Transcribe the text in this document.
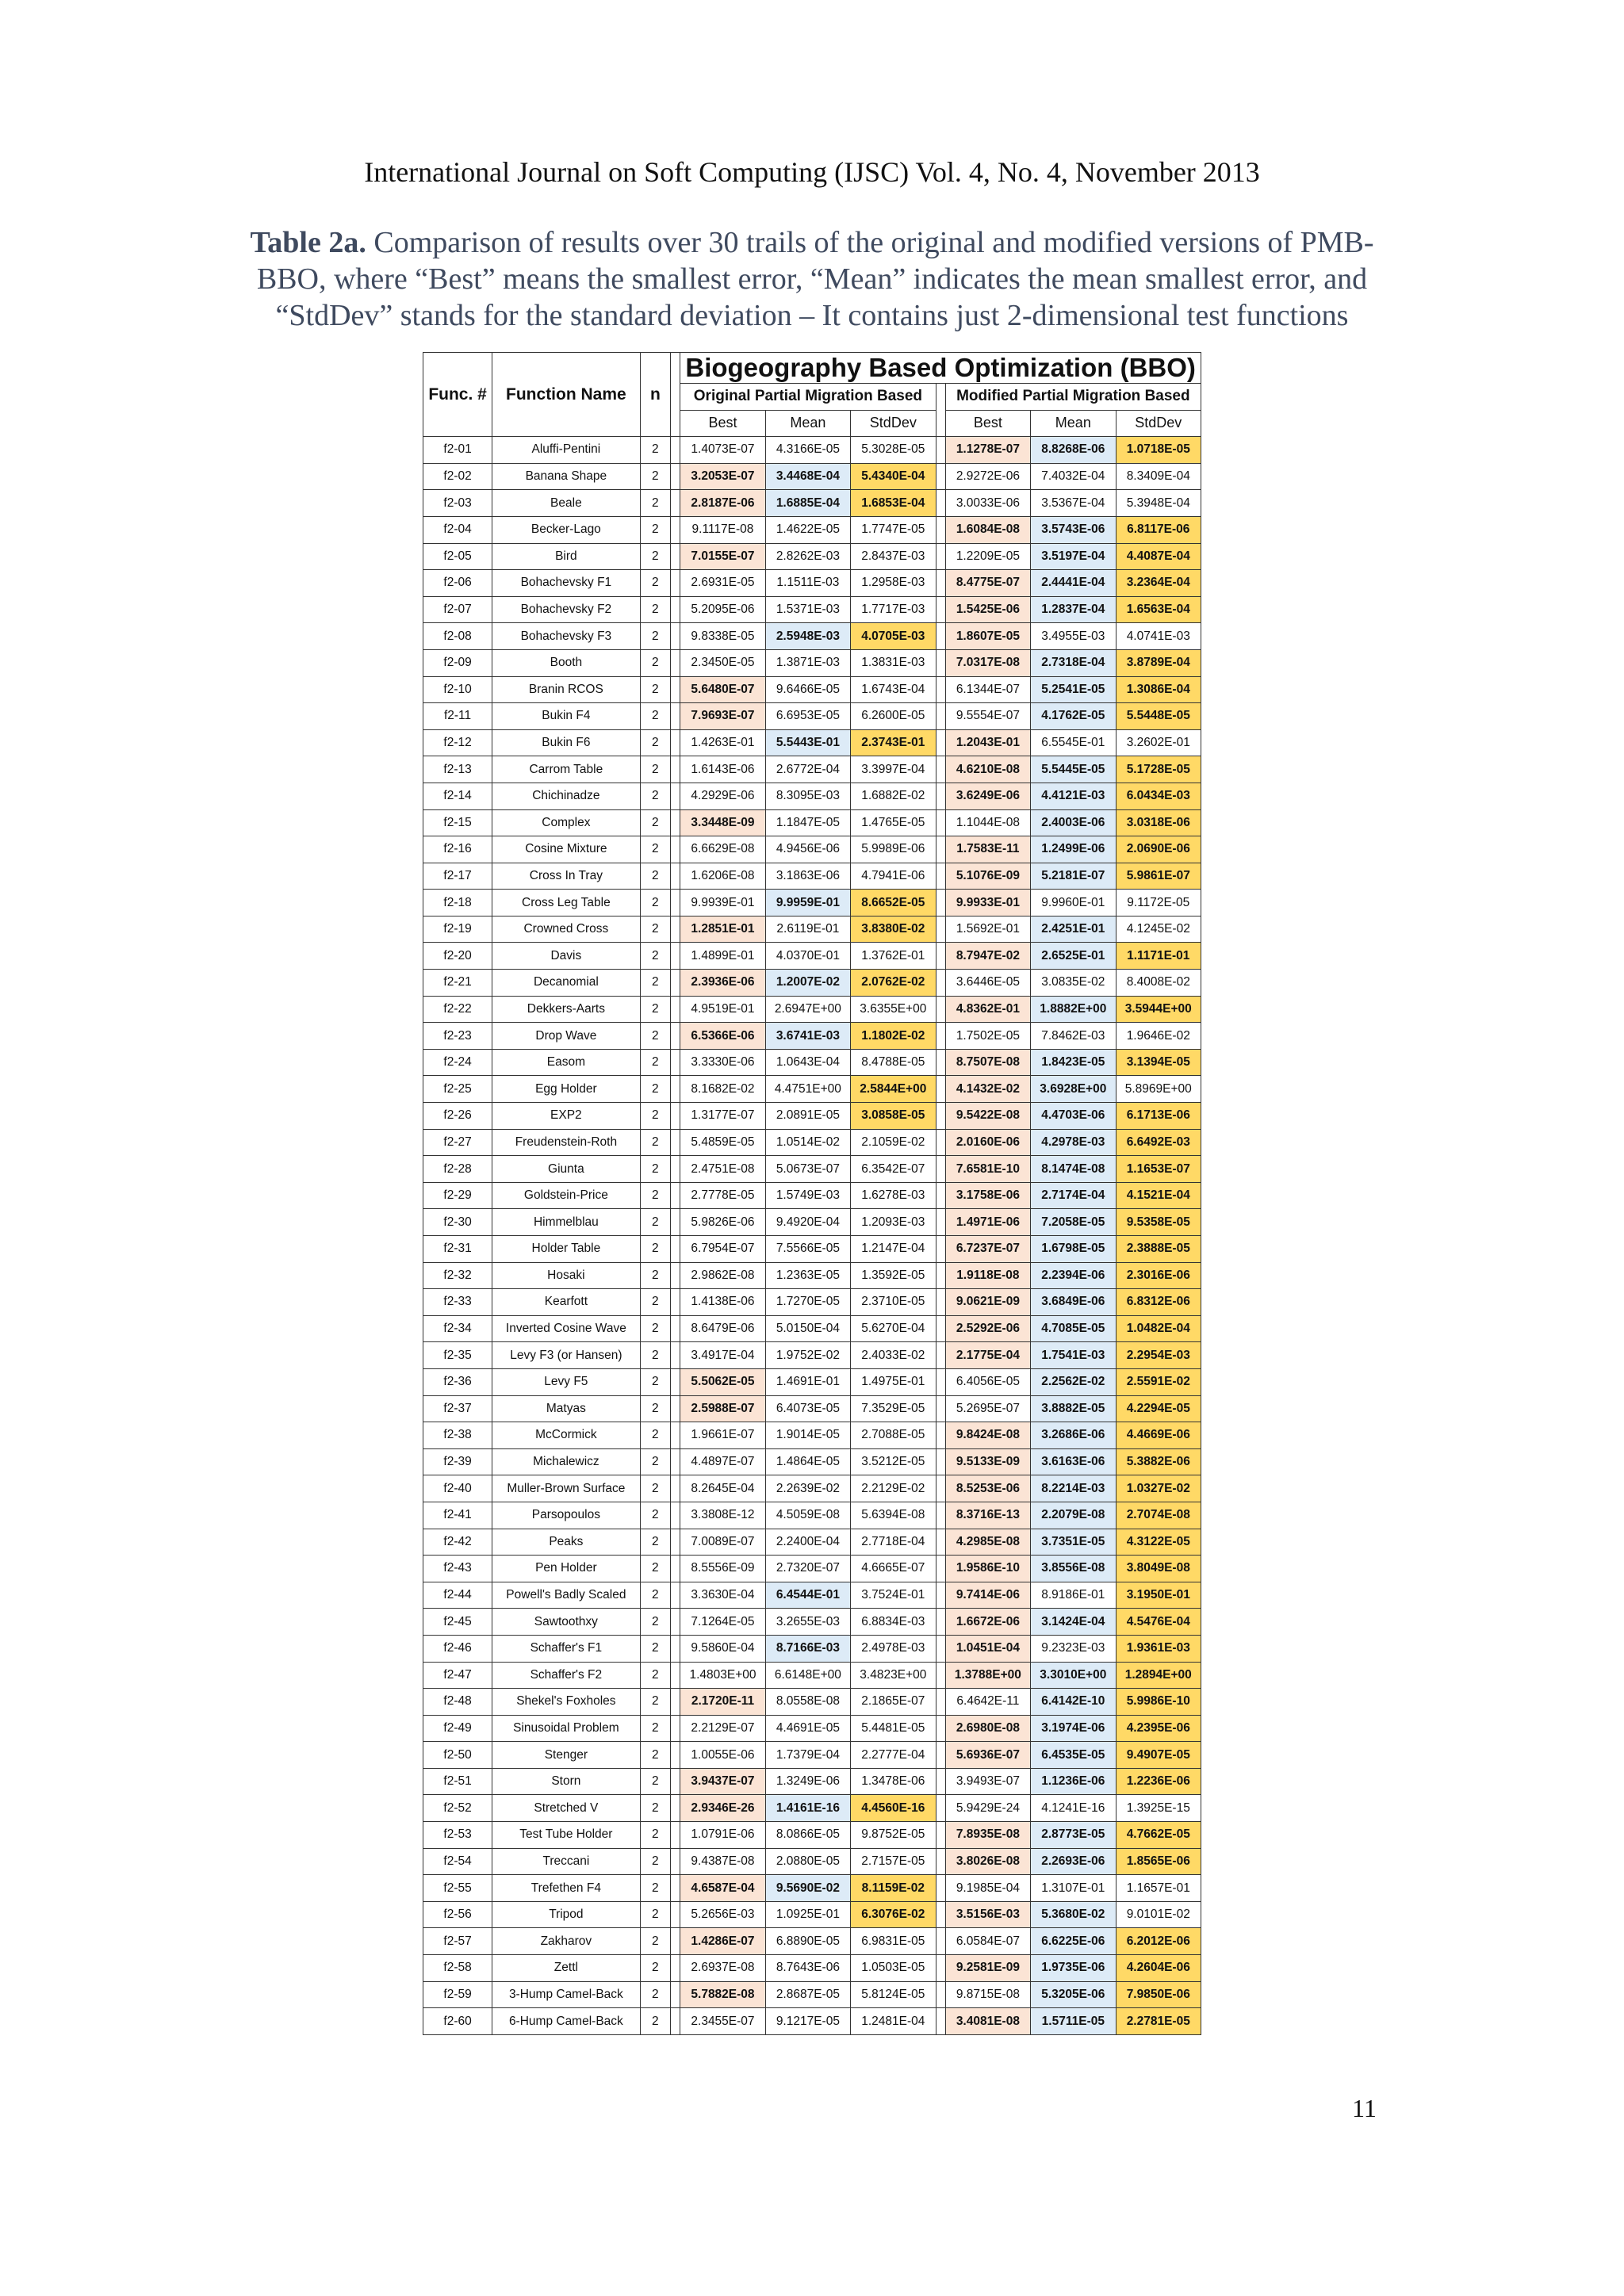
International Journal on Soft Computing (IJSC) Vol. 4, No. 4, November 2013
Table 2a. Comparison of results over 30 trails of the original and modified versions of PMB-BBO, where “Best” means the smallest error, “Mean” indicates the mean smallest error, and “StdDev” stands for the standard deviation – It contains just 2-dimensional test functions
Func. #	Function Name	n		Biogeography Based Optimization (BBO)						
				Original Partial Migration Based				Modified Partial Migration Based		
				Best	Mean	StdDev		Best	Mean	StdDev
f2-01	Aluffi-Pentini	2		1.4073E-07	4.3166E-05	5.3028E-05		1.1278E-07	8.8268E-06	1.0718E-05
f2-02	Banana Shape	2		3.2053E-07	3.4468E-04	5.4340E-04		2.9272E-06	7.4032E-04	8.3409E-04
f2-03	Beale	2		2.8187E-06	1.6885E-04	1.6853E-04		3.0033E-06	3.5367E-04	5.3948E-04
f2-04	Becker-Lago	2		9.1117E-08	1.4622E-05	1.7747E-05		1.6084E-08	3.5743E-06	6.8117E-06
f2-05	Bird	2		7.0155E-07	2.8262E-03	2.8437E-03		1.2209E-05	3.5197E-04	4.4087E-04
f2-06	Bohachevsky F1	2		2.6931E-05	1.1511E-03	1.2958E-03		8.4775E-07	2.4441E-04	3.2364E-04
f2-07	Bohachevsky F2	2		5.2095E-06	1.5371E-03	1.7717E-03		1.5425E-06	1.2837E-04	1.6563E-04
f2-08	Bohachevsky F3	2		9.8338E-05	2.5948E-03	4.0705E-03		1.8607E-05	3.4955E-03	4.0741E-03
f2-09	Booth	2		2.3450E-05	1.3871E-03	1.3831E-03		7.0317E-08	2.7318E-04	3.8789E-04
f2-10	Branin RCOS	2		5.6480E-07	9.6466E-05	1.6743E-04		6.1344E-07	5.2541E-05	1.3086E-04
f2-11	Bukin F4	2		7.9693E-07	6.6953E-05	6.2600E-05		9.5554E-07	4.1762E-05	5.5448E-05
f2-12	Bukin F6	2		1.4263E-01	5.5443E-01	2.3743E-01		1.2043E-01	6.5545E-01	3.2602E-01
f2-13	Carrom Table	2		1.6143E-06	2.6772E-04	3.3997E-04		4.6210E-08	5.5445E-05	5.1728E-05
f2-14	Chichinadze	2		4.2929E-06	8.3095E-03	1.6882E-02		3.6249E-06	4.4121E-03	6.0434E-03
f2-15	Complex	2		3.3448E-09	1.1847E-05	1.4765E-05		1.1044E-08	2.4003E-06	3.0318E-06
f2-16	Cosine Mixture	2		6.6629E-08	4.9456E-06	5.9989E-06		1.7583E-11	1.2499E-06	2.0690E-06
f2-17	Cross In Tray	2		1.6206E-08	3.1863E-06	4.7941E-06		5.1076E-09	5.2181E-07	5.9861E-07
f2-18	Cross Leg Table	2		9.9939E-01	9.9959E-01	8.6652E-05		9.9933E-01	9.9960E-01	9.1172E-05
f2-19	Crowned Cross	2		1.2851E-01	2.6119E-01	3.8380E-02		1.5692E-01	2.4251E-01	4.1245E-02
f2-20	Davis	2		1.4899E-01	4.0370E-01	1.3762E-01		8.7947E-02	2.6525E-01	1.1171E-01
f2-21	Decanomial	2		2.3936E-06	1.2007E-02	2.0762E-02		3.6446E-05	3.0835E-02	8.4008E-02
f2-22	Dekkers-Aarts	2		4.9519E-01	2.6947E+00	3.6355E+00		4.8362E-01	1.8882E+00	3.5944E+00
f2-23	Drop Wave	2		6.5366E-06	3.6741E-03	1.1802E-02		1.7502E-05	7.8462E-03	1.9646E-02
f2-24	Easom	2		3.3330E-06	1.0643E-04	8.4788E-05		8.7507E-08	1.8423E-05	3.1394E-05
f2-25	Egg Holder	2		8.1682E-02	4.4751E+00	2.5844E+00		4.1432E-02	3.6928E+00	5.8969E+00
f2-26	EXP2	2		1.3177E-07	2.0891E-05	3.0858E-05		9.5422E-08	4.4703E-06	6.1713E-06
f2-27	Freudenstein-Roth	2		5.4859E-05	1.0514E-02	2.1059E-02		2.0160E-06	4.2978E-03	6.6492E-03
f2-28	Giunta	2		2.4751E-08	5.0673E-07	6.3542E-07		7.6581E-10	8.1474E-08	1.1653E-07
f2-29	Goldstein-Price	2		2.7778E-05	1.5749E-03	1.6278E-03		3.1758E-06	2.7174E-04	4.1521E-04
f2-30	Himmelblau	2		5.9826E-06	9.4920E-04	1.2093E-03		1.4971E-06	7.2058E-05	9.5358E-05
f2-31	Holder Table	2		6.7954E-07	7.5566E-05	1.2147E-04		6.7237E-07	1.6798E-05	2.3888E-05
f2-32	Hosaki	2		2.9862E-08	1.2363E-05	1.3592E-05		1.9118E-08	2.2394E-06	2.3016E-06
f2-33	Kearfott	2		1.4138E-06	1.7270E-05	2.3710E-05		9.0621E-09	3.6849E-06	6.8312E-06
f2-34	Inverted Cosine Wave	2		8.6479E-06	5.0150E-04	5.6270E-04		2.5292E-06	4.7085E-05	1.0482E-04
f2-35	Levy F3 (or Hansen)	2		3.4917E-04	1.9752E-02	2.4033E-02		2.1775E-04	1.7541E-03	2.2954E-03
f2-36	Levy F5	2		5.5062E-05	1.4691E-01	1.4975E-01		6.4056E-05	2.2562E-02	2.5591E-02
f2-37	Matyas	2		2.5988E-07	6.4073E-05	7.3529E-05		5.2695E-07	3.8882E-05	4.2294E-05
f2-38	McCormick	2		1.9661E-07	1.9014E-05	2.7088E-05		9.8424E-08	3.2686E-06	4.4669E-06
f2-39	Michalewicz	2		4.4897E-07	1.4864E-05	3.5212E-05		9.5133E-09	3.6163E-06	5.3882E-06
f2-40	Muller-Brown Surface	2		8.2645E-04	2.2639E-02	2.2129E-02		8.5253E-06	8.2214E-03	1.0327E-02
f2-41	Parsopoulos	2		3.3808E-12	4.5059E-08	5.6394E-08		8.3716E-13	2.2079E-08	2.7074E-08
f2-42	Peaks	2		7.0089E-07	2.2400E-04	2.7718E-04		4.2985E-08	3.7351E-05	4.3122E-05
f2-43	Pen Holder	2		8.5556E-09	2.7320E-07	4.6665E-07		1.9586E-10	3.8556E-08	3.8049E-08
f2-44	Powell's Badly Scaled	2		3.3630E-04	6.4544E-01	3.7524E-01		9.7414E-06	8.9186E-01	3.1950E-01
f2-45	Sawtoothxy	2		7.1264E-05	3.2655E-03	6.8834E-03		1.6672E-06	3.1424E-04	4.5476E-04
f2-46	Schaffer's F1	2		9.5860E-04	8.7166E-03	2.4978E-03		1.0451E-04	9.2323E-03	1.9361E-03
f2-47	Schaffer's F2	2		1.4803E+00	6.6148E+00	3.4823E+00		1.3788E+00	3.3010E+00	1.2894E+00
f2-48	Shekel's Foxholes	2		2.1720E-11	8.0558E-08	2.1865E-07		6.4642E-11	6.4142E-10	5.9986E-10
f2-49	Sinusoidal Problem	2		2.2129E-07	4.4691E-05	5.4481E-05		2.6980E-08	3.1974E-06	4.2395E-06
f2-50	Stenger	2		1.0055E-06	1.7379E-04	2.2777E-04		5.6936E-07	6.4535E-05	9.4907E-05
f2-51	Storn	2		3.9437E-07	1.3249E-06	1.3478E-06		3.9493E-07	1.1236E-06	1.2236E-06
f2-52	Stretched V	2		2.9346E-26	1.4161E-16	4.4560E-16		5.9429E-24	4.1241E-16	1.3925E-15
f2-53	Test Tube Holder	2		1.0791E-06	8.0866E-05	9.8752E-05		7.8935E-08	2.8773E-05	4.7662E-05
f2-54	Treccani	2		9.4387E-08	2.0880E-05	2.7157E-05		3.8026E-08	2.2693E-06	1.8565E-06
f2-55	Trefethen F4	2		4.6587E-04	9.5690E-02	8.1159E-02		9.1985E-04	1.3107E-01	1.1657E-01
f2-56	Tripod	2		5.2656E-03	1.0925E-01	6.3076E-02		3.5156E-03	5.3680E-02	9.0101E-02
f2-57	Zakharov	2		1.4286E-07	6.8890E-05	6.9831E-05		6.0584E-07	6.6225E-06	6.2012E-06
f2-58	Zettl	2		2.6937E-08	8.7643E-06	1.0503E-05		9.2581E-09	1.9735E-06	4.2604E-06
f2-59	3-Hump Camel-Back	2		5.7882E-08	2.8687E-05	5.8124E-05		9.8715E-08	5.3205E-06	7.9850E-06
f2-60	6-Hump Camel-Back	2		2.3455E-07	9.1217E-05	1.2481E-04		3.4081E-08	1.5711E-05	2.2781E-05
11
